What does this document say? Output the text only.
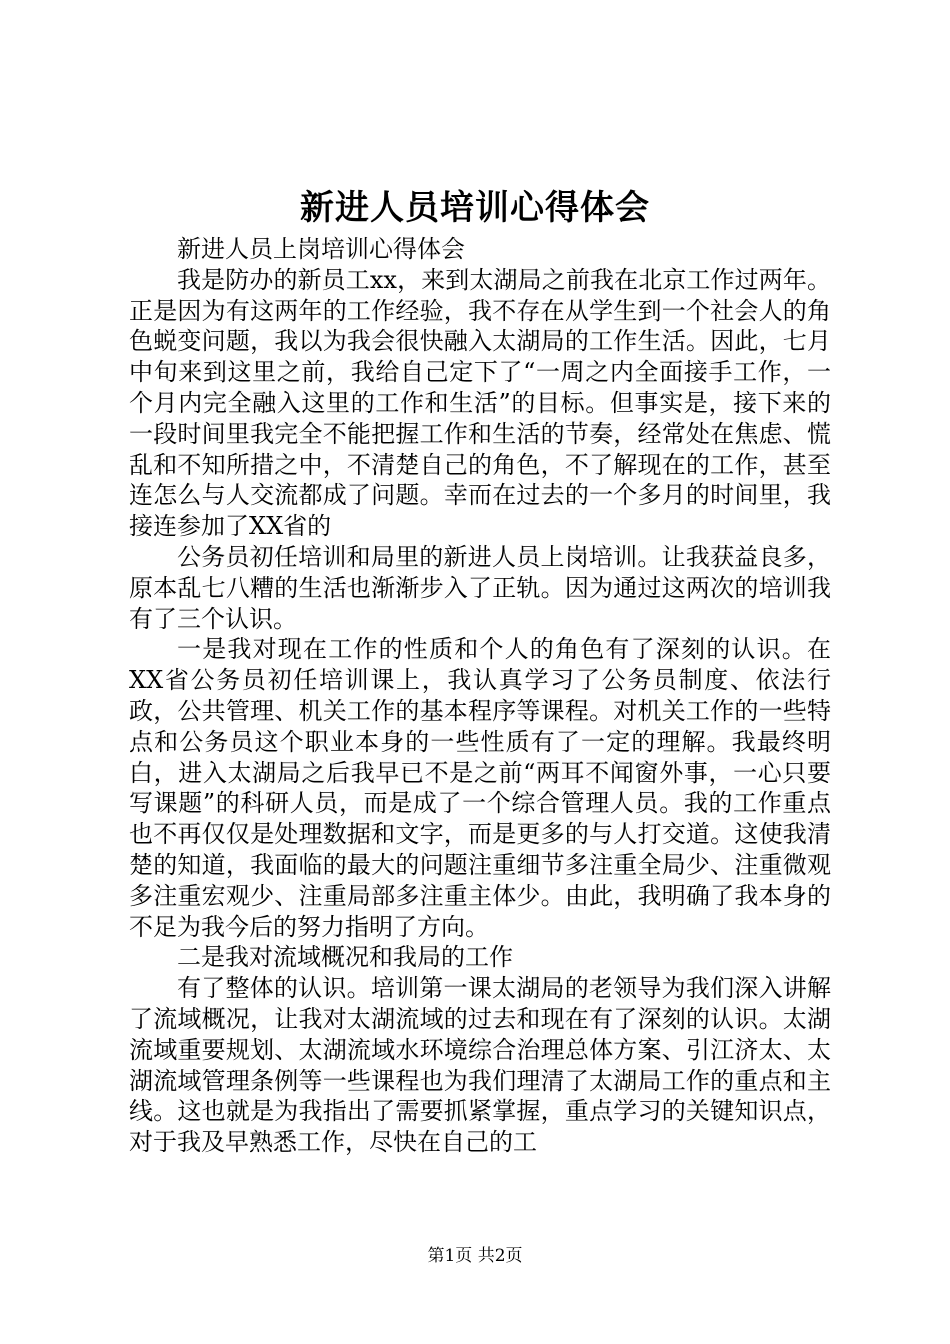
新进人员培训心得体会

新进人员上岗培训心得体会

我是防办的新员工xx，来到太湖局之前我在北京工作过两年。正是因为有这两年的工作经验，我不存在从学生到一个社会人的角色蜕变问题，我以为我会很快融入太湖局的工作生活。因此，七月中旬来到这里之前，我给自己定下了“一周之内全面接手工作，一个月内完全融入这里的工作和生活”的目标。但事实是，接下来的一段时间里我完全不能把握工作和生活的节奏，经常处在焦虑、慌乱和不知所措之中，不清楚自己的角色，不了解现在的工作，甚至连怎么与人交流都成了问题。幸而在过去的一个多月的时间里，我接连参加了XX省的

公务员初任培训和局里的新进人员上岗培训。让我获益良多，原本乱七八糟的生活也渐渐步入了正轨。因为通过这两次的培训我有了三个认识。

一是我对现在工作的性质和个人的角色有了深刻的认识。在XX省公务员初任培训课上，我认真学习了公务员制度、依法行政，公共管理、机关工作的基本程序等课程。对机关工作的一些特点和公务员这个职业本身的一些性质有了一定的理解。我最终明白，进入太湖局之后我早已不是之前“两耳不闻窗外事，一心只要写课题”的科研人员，而是成了一个综合管理人员。我的工作重点也不再仅仅是处理数据和文字，而是更多的与人打交道。这使我清楚的知道，我面临的最大的问题注重细节多注重全局少、注重微观多注重宏观少、注重局部多注重主体少。由此，我明确了我本身的不足为我今后的努力指明了方向。

二是我对流域概况和我局的工作

有了整体的认识。培训第一课太湖局的老领导为我们深入讲解了流域概况，让我对太湖流域的过去和现在有了深刻的认识。太湖流域重要规划、太湖流域水环境综合治理总体方案、引江济太、太湖流域管理条例等一些课程也为我们理清了太湖局工作的重点和主线。这也就是为我指出了需要抓紧掌握，重点学习的关键知识点，对于我及早熟悉工作，尽快在自己的工

第1页 共2页
